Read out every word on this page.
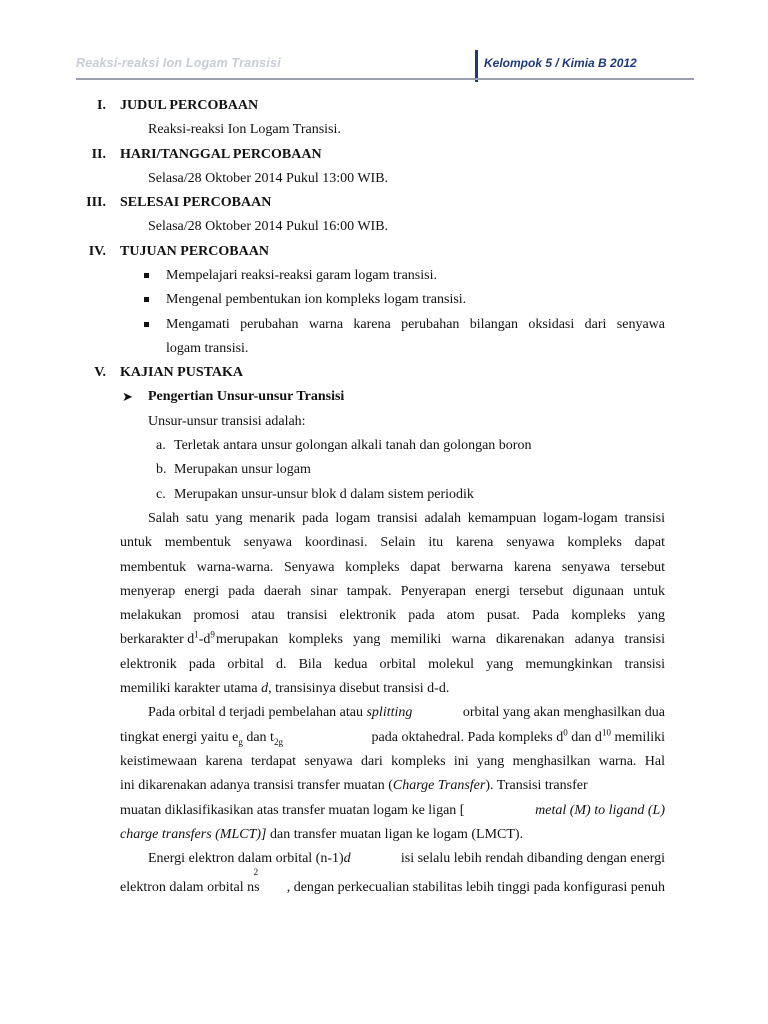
Reaksi-reaksi Ion Logam Transisi	Kelompok 5 / Kimia B 2012
I. JUDUL PERCOBAAN
Reaksi-reaksi Ion Logam Transisi.
II. HARI/TANGGAL PERCOBAAN
Selasa/28 Oktober 2014 Pukul 13:00 WIB.
III. SELESAI PERCOBAAN
Selasa/28 Oktober 2014 Pukul 16:00 WIB.
IV. TUJUAN PERCOBAAN
Mempelajari reaksi-reaksi garam logam transisi.
Mengenal pembentukan ion kompleks logam transisi.
Mengamati perubahan warna karena perubahan bilangan oksidasi dari senyawa
logam transisi.
V. KAJIAN PUSTAKA
➤ Pengertian Unsur-unsur Transisi
Unsur-unsur transisi adalah:
a. Terletak antara unsur golongan alkali tanah dan golongan boron
b. Merupakan unsur logam
c. Merupakan unsur-unsur blok d dalam sistem periodik
Salah satu yang menarik pada logam transisi adalah kemampuan logam-logam transisi
untuk membentuk senyawa koordinasi. Selain itu karena senyawa kompleks dapat
membentuk warna-warna. Senyawa kompleks dapat berwarna karena senyawa tersebut
menyerap energi pada daerah sinar tampak. Penyerapan energi tersebut digunaan untuk
melakukan promosi atau transisi elektronik pada atom pusat. Pada kompleks yang
berkarakter $d^1-d^9$ merupakan kompleks yang memiliki warna dikarenakan adanya transisi
elektronik pada orbital d. Bila kedua orbital molekul yang memungkinkan transisi
memiliki karakter utama d, transisinya disebut transisi d-d.
Pada orbital d terjadi pembelahan atau splitting	orbital yang akan menghasilkan dua
tingkat energi yaitu $e_g$ dan $t_{2g}$	pada oktahedral. Pada kompleks $d^0$ dan $d^{10}$ memiliki
keistimewaan karena terdapat senyawa dari kompleks ini yang menghasilkan warna. Hal
ini dikarenakan adanya transisi transfer muatan (Charge Transfer). Transisi transfer
muatan diklasifikasikan atas transfer muatan logam ke ligan [	metal (M) to ligand (L)
charge transfers (MLCT)] dan transfer muatan ligan ke logam (LMCT).
Energi elektron dalam orbital (n-1)d	isi selalu lebih rendah dibanding dengan energi
elektron dalam orbital $ns^2$
, dengan perkecualian stabilitas lebih tinggi pada konfigurasi penuh
